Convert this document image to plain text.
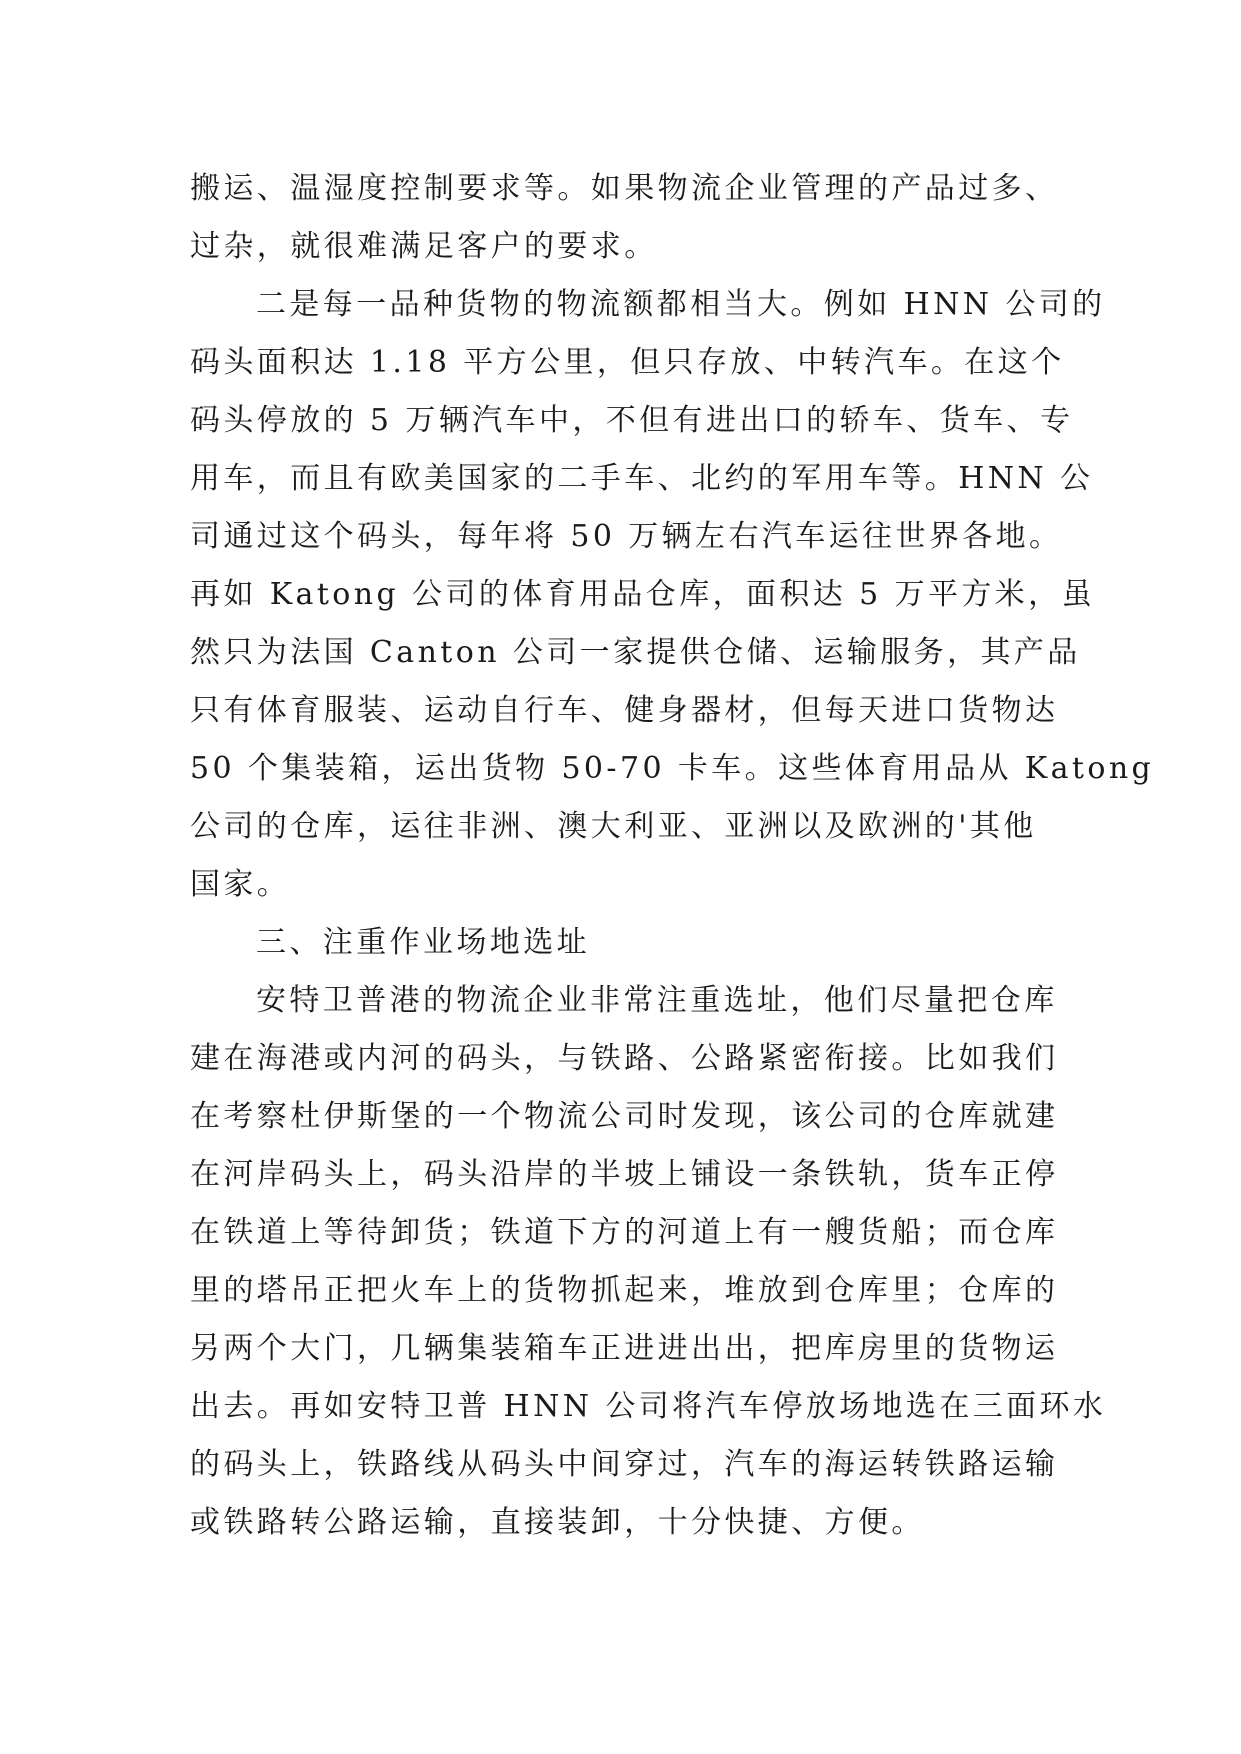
搬运、温湿度控制要求等。如果物流企业管理的产品过多、
过杂，就很难满足客户的要求。
二是每一品种货物的物流额都相当大。例如 HNN 公司的
码头面积达 1.18 平方公里，但只存放、中转汽车。在这个
码头停放的 5 万辆汽车中，不但有进出口的轿车、货车、专
用车，而且有欧美国家的二手车、北约的军用车等。HNN 公
司通过这个码头，每年将 50 万辆左右汽车运往世界各地。
再如 Katong 公司的体育用品仓库，面积达 5 万平方米，虽
然只为法国 Canton 公司一家提供仓储、运输服务，其产品
只有体育服装、运动自行车、健身器材，但每天进口货物达
50 个集装箱，运出货物 50-70 卡车。这些体育用品从 Katong
公司的仓库，运往非洲、澳大利亚、亚洲以及欧洲的'其他
国家。
三、注重作业场地选址
安特卫普港的物流企业非常注重选址，他们尽量把仓库
建在海港或内河的码头，与铁路、公路紧密衔接。比如我们
在考察杜伊斯堡的一个物流公司时发现，该公司的仓库就建
在河岸码头上，码头沿岸的半坡上铺设一条铁轨，货车正停
在铁道上等待卸货；铁道下方的河道上有一艘货船；而仓库
里的塔吊正把火车上的货物抓起来，堆放到仓库里；仓库的
另两个大门，几辆集装箱车正进进出出，把库房里的货物运
出去。再如安特卫普 HNN 公司将汽车停放场地选在三面环水
的码头上，铁路线从码头中间穿过，汽车的海运转铁路运输
或铁路转公路运输，直接装卸，十分快捷、方便。
